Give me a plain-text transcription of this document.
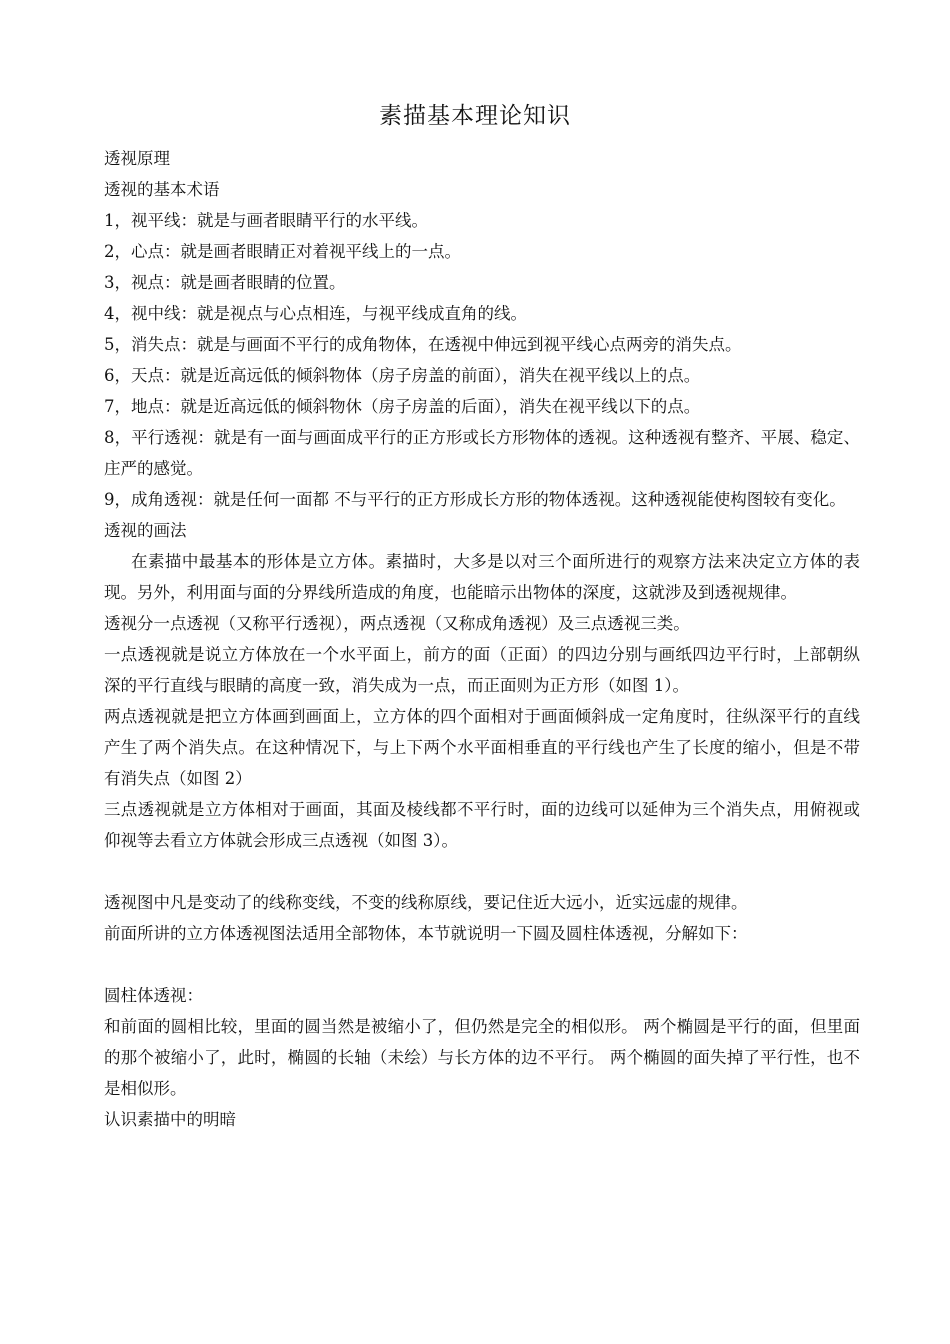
素描基本理论知识

透视原理

透视的基本术语

1，视平线：就是与画者眼睛平行的水平线。

2，心点：就是画者眼睛正对着视平线上的一点。

3，视点：就是画者眼睛的位置。

4，视中线：就是视点与心点相连，与视平线成直角的线。

5，消失点：就是与画面不平行的成角物体，在透视中伸远到视平线心点两旁的消失点。

6，天点：就是近高远低的倾斜物体（房子房盖的前面），消失在视平线以上的点。

7，地点：就是近高远低的倾斜物休（房子房盖的后面），消失在视平线以下的点。

8，平行透视：就是有一面与画面成平行的正方形或长方形物体的透视。这种透视有整齐、平展、稳定、庄严的感觉。

9，成角透视：就是任何一面都 不与平行的正方形成长方形的物体透视。这种透视能使构图较有变化。

透视的画法

在素描中最基本的形体是立方体。素描时，大多是以对三个面所进行的观察方法来决定立方体的表现。另外，利用面与面的分界线所造成的角度，也能暗示出物体的深度，这就涉及到透视规律。

透视分一点透视（又称平行透视），两点透视（又称成角透视）及三点透视三类。

一点透视就是说立方体放在一个水平面上，前方的面（正面）的四边分别与画纸四边平行时，上部朝纵深的平行直线与眼睛的高度一致，消失成为一点，而正面则为正方形（如图 1）。

两点透视就是把立方体画到画面上，立方体的四个面相对于画面倾斜成一定角度时，往纵深平行的直线产生了两个消失点。在这种情况下，与上下两个水平面相垂直的平行线也产生了长度的缩小，但是不带有消失点（如图 2）

三点透视就是立方体相对于画面，其面及棱线都不平行时，面的边线可以延伸为三个消失点，用俯视或仰视等去看立方体就会形成三点透视（如图 3）。

透视图中凡是变动了的线称变线，不变的线称原线，要记住近大远小，近实远虚的规律。

前面所讲的立方体透视图法适用全部物体，本节就说明一下圆及圆柱体透视，分解如下：

圆柱体透视：

和前面的圆相比较，里面的圆当然是被缩小了，但仍然是完全的相似形。 两个椭圆是平行的面，但里面的那个被缩小了，此时，椭圆的长轴（未绘）与长方体的边不平行。 两个椭圆的面失掉了平行性，也不是相似形。

认识素描中的明暗
